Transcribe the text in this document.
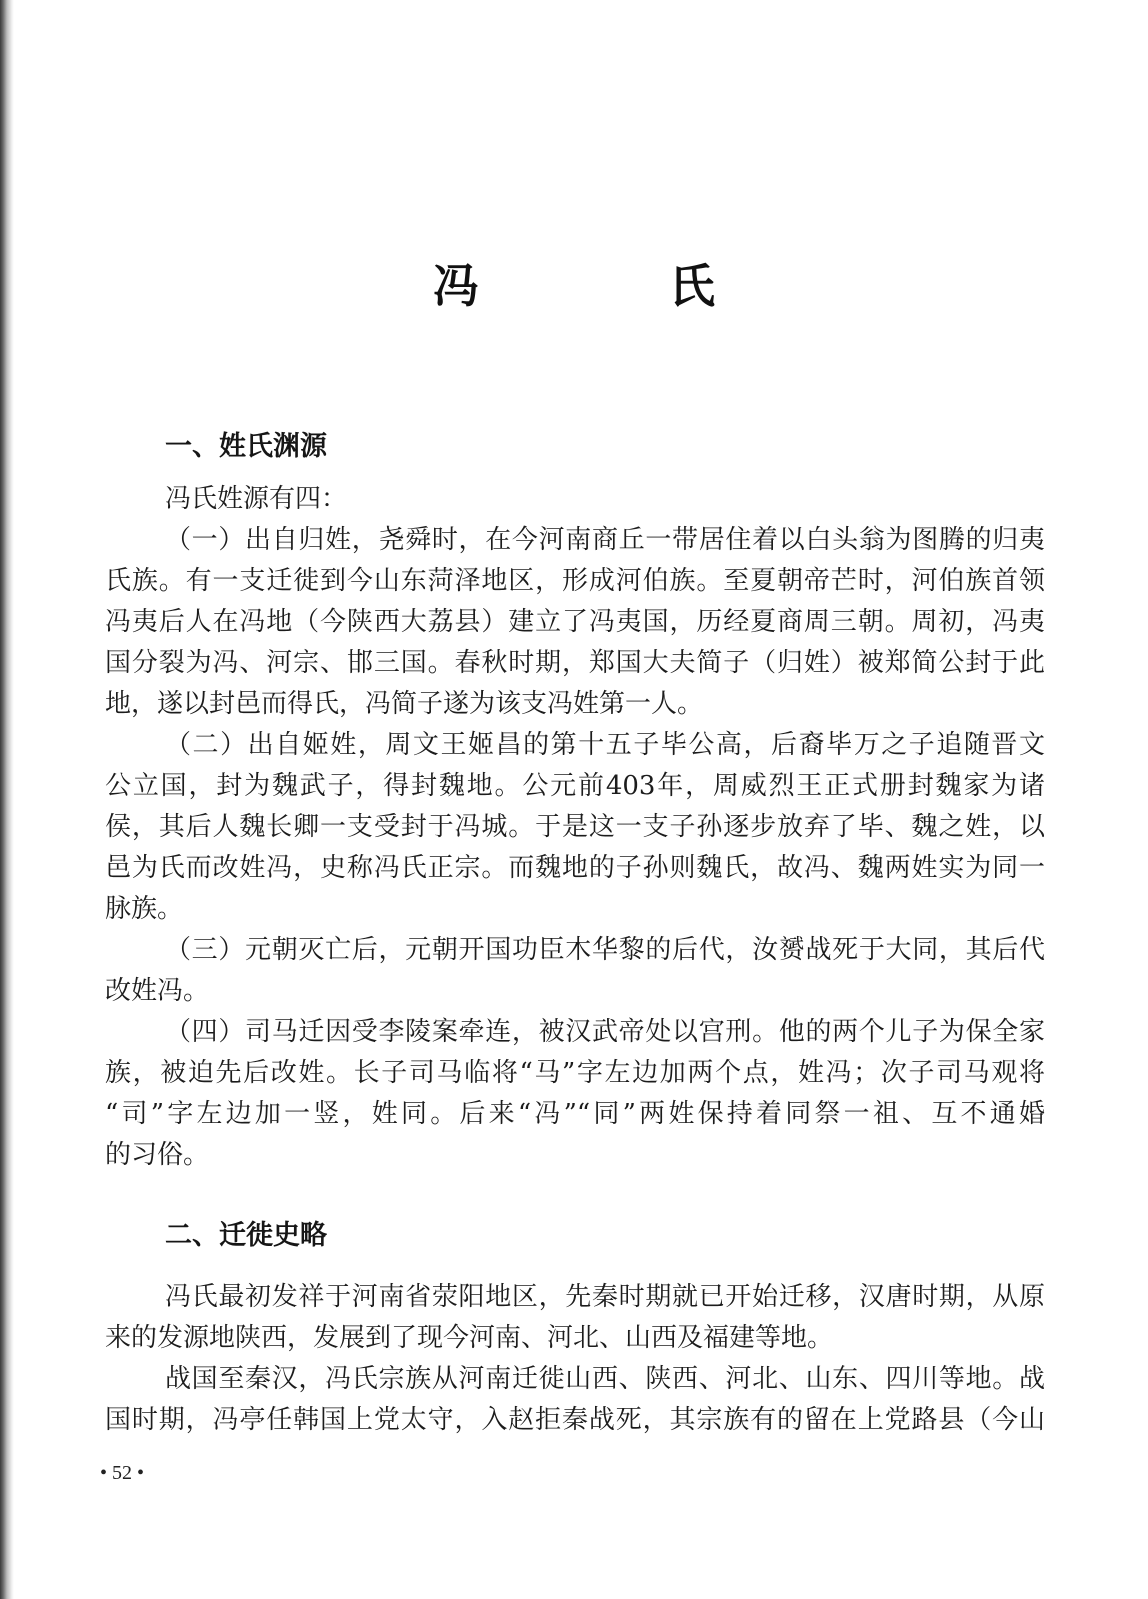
冯　氏
一、姓氏渊源
冯氏姓源有四：
（一）出自归姓，尧舜时，在今河南商丘一带居住着以白头翁为图腾的归夷
氏族。有一支迁徙到今山东菏泽地区，形成河伯族。至夏朝帝芒时，河伯族首领
冯夷后人在冯地（今陕西大荔县）建立了冯夷国，历经夏商周三朝。周初，冯夷
国分裂为冯、河宗、邯三国。春秋时期，郑国大夫简子（归姓）被郑简公封于此
地，遂以封邑而得氏，冯简子遂为该支冯姓第一人。
（二）出自姬姓，周文王姬昌的第十五子毕公高，后裔毕万之子追随晋文
公立国，封为魏武子，得封魏地。公元前403年，周威烈王正式册封魏家为诸
侯，其后人魏长卿一支受封于冯城。于是这一支子孙逐步放弃了毕、魏之姓，以
邑为氏而改姓冯，史称冯氏正宗。而魏地的子孙则魏氏，故冯、魏两姓实为同一
脉族。
（三）元朝灭亡后，元朝开国功臣木华黎的后代，汝赟战死于大同，其后代
改姓冯。
（四）司马迁因受李陵案牵连，被汉武帝处以宫刑。他的两个儿子为保全家
族，被迫先后改姓。长子司马临将“马”字左边加两个点，姓冯；次子司马观将
“司”字左边加一竖，姓同。后来“冯”“同”两姓保持着同祭一祖、互不通婚
的习俗。
二、迁徙史略
冯氏最初发祥于河南省荥阳地区，先秦时期就已开始迁移，汉唐时期，从原
来的发源地陕西，发展到了现今河南、河北、山西及福建等地。
战国至秦汉，冯氏宗族从河南迁徙山西、陕西、河北、山东、四川等地。战
国时期，冯亭任韩国上党太守，入赵拒秦战死，其宗族有的留在上党路县（今山
• 52 •
